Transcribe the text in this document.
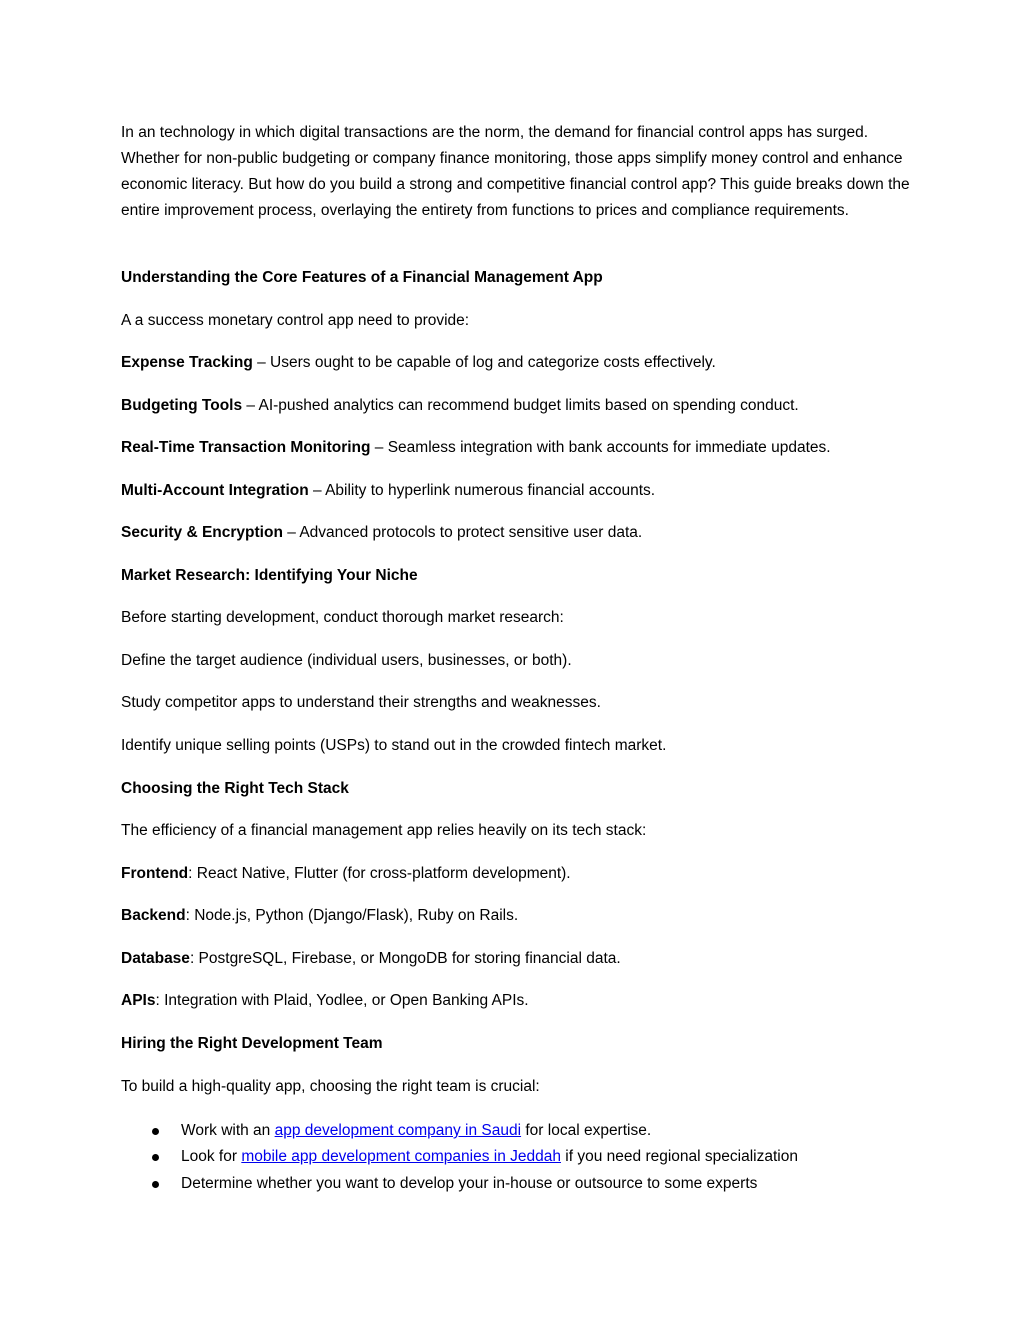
In an technology in which digital transactions are the norm, the demand for financial control apps has surged. Whether for non-public budgeting or company finance monitoring, those apps simplify money control and enhance economic literacy. But how do you build a strong and competitive financial control app? This guide breaks down the entire improvement process, overlaying the entirety from functions to prices and compliance requirements.

Understanding the Core Features of a Financial Management App

A a success monetary control app need to provide:

Expense Tracking – Users ought to be capable of log and categorize costs effectively.

Budgeting Tools – AI-pushed analytics can recommend budget limits based on spending conduct.

Real-Time Transaction Monitoring – Seamless integration with bank accounts for immediate updates.

Multi-Account Integration – Ability to hyperlink numerous financial accounts.

Security & Encryption – Advanced protocols to protect sensitive user data.

Market Research: Identifying Your Niche

Before starting development, conduct thorough market research:

Define the target audience (individual users, businesses, or both).

Study competitor apps to understand their strengths and weaknesses.

Identify unique selling points (USPs) to stand out in the crowded fintech market.

Choosing the Right Tech Stack

The efficiency of a financial management app relies heavily on its tech stack:

Frontend: React Native, Flutter (for cross-platform development).

Backend: Node.js, Python (Django/Flask), Ruby on Rails.

Database: PostgreSQL, Firebase, or MongoDB for storing financial data.

APIs: Integration with Plaid, Yodlee, or Open Banking APIs.

Hiring the Right Development Team

To build a high-quality app, choosing the right team is crucial:

Work with an app development company in Saudi for local expertise.
Look for mobile app development companies in Jeddah if you need regional specialization
Determine whether you want to develop your in-house or outsource to some experts
